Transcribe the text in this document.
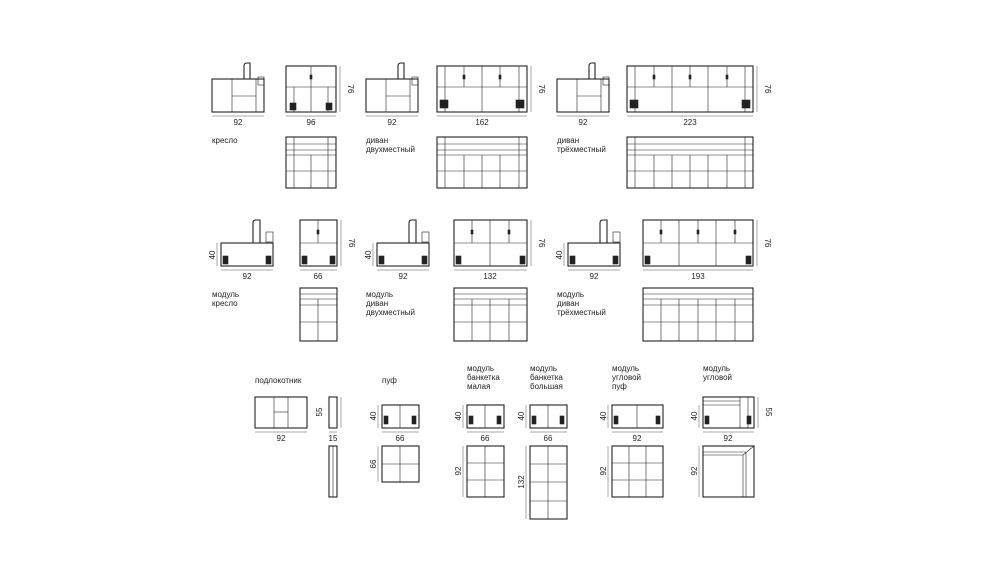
92	96
76
кресло
92	162
76
диван двухместный
92	223
76
диван трёхместный
92
40
66
76
модуль кресло
92
40
132
76
модуль диван двухместный
92
40
193
76
модуль диван трёхместный
подлокотник
92
55
15
пуф
66
40
66
модуль банкетка малая
66
40
92
модуль банкетка большая
66
40
132
модуль угловой пуф
92
40
92
модуль угловой
92
40	55
92
